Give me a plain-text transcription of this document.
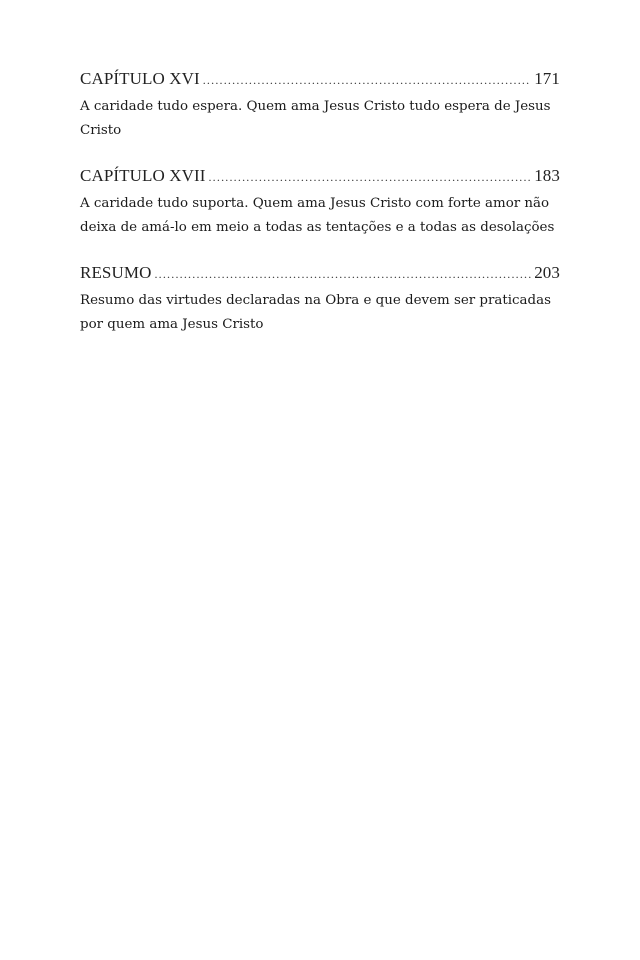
CAPÍTULO XVI .....	171
A caridade tudo espera. Quem ama Jesus Cristo tudo espera de Jesus Cristo
CAPÍTULO XVII .....	183
A caridade tudo suporta. Quem ama Jesus Cristo com forte amor não deixa de amá-lo em meio a todas as tentações e a todas as desolações
RESUMO .....	203
Resumo das virtudes declaradas na Obra e que devem ser praticadas por quem ama Jesus Cristo
